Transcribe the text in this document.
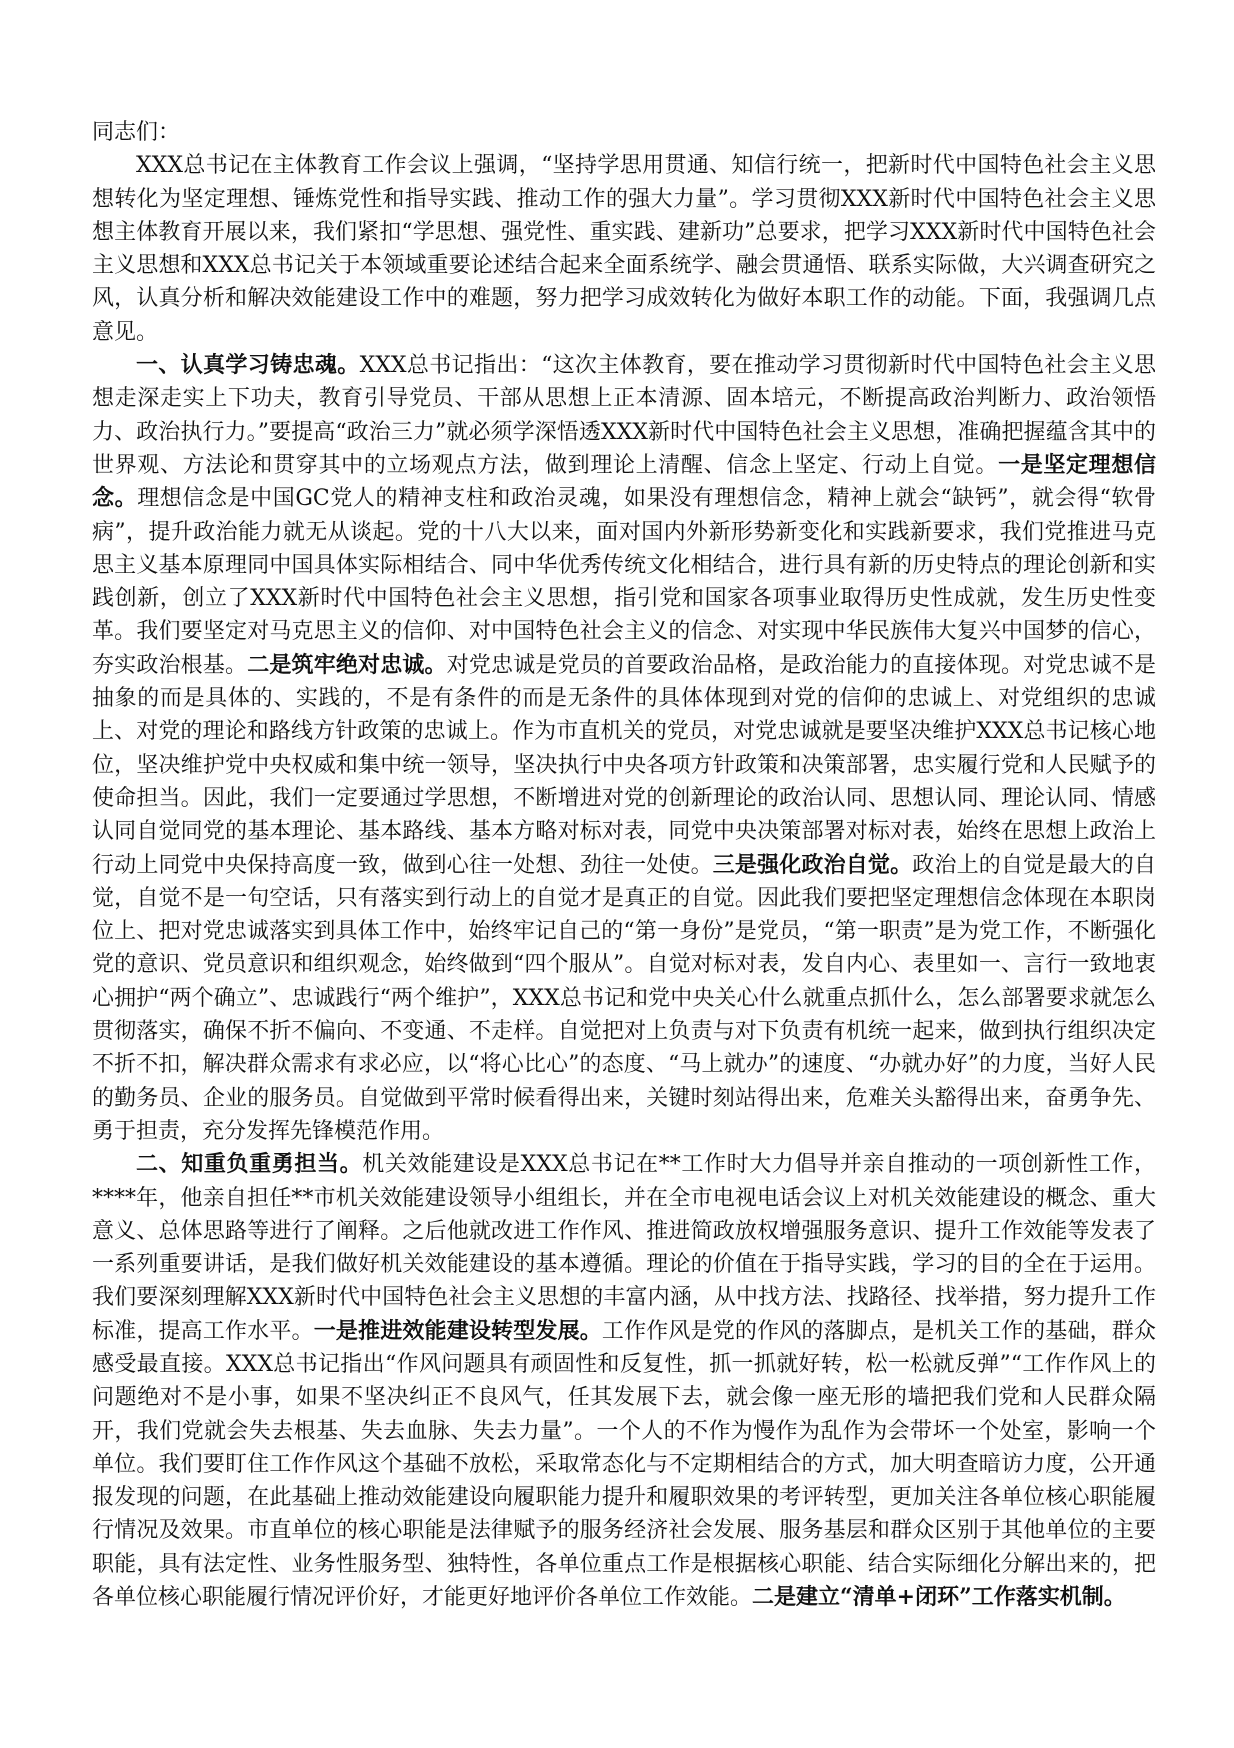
同志们：

XXX总书记在主体教育工作会议上强调，“坚持学思用贯通、知信行统一，把新时代中国特色社会主义思想转化为坚定理想、锤炼党性和指导实践、推动工作的强大力量”。学习贯彻XXX新时代中国特色社会主义思想主体教育开展以来，我们紧扣“学思想、强党性、重实践、建新功”总要求，把学习XXX新时代中国特色社会主义思想和XXX总书记关于本领域重要论述结合起来全面系统学、融会贯通悟、联系实际做，大兴调查研究之风，认真分析和解决效能建设工作中的难题，努力把学习成效转化为做好本职工作的动能。下面，我强调几点意见。

一、认真学习铸忠魂。XXX总书记指出：“这次主体教育，要在推动学习贯彻新时代中国特色社会主义思想走深走实上下功夫，教育引导党员、干部从思想上正本清源、固本培元，不断提高政治判断力、政治领悟力、政治执行力。”要提高“政治三力”就必须学深悟透XXX新时代中国特色社会主义思想，准确把握蕴含其中的世界观、方法论和贯穿其中的立场观点方法，做到理论上清醒、信念上坚定、行动上自觉。一是坚定理想信念。理想信念是中国GC党人的精神支柱和政治灵魂，如果没有理想信念，精神上就会“缺钙”，就会得“软骨病”，提升政治能力就无从谈起。党的十八大以来，面对国内外新形势新变化和实践新要求，我们党推进马克思主义基本原理同中国具体实际相结合、同中华优秀传统文化相结合，进行具有新的历史特点的理论创新和实践创新，创立了XXX新时代中国特色社会主义思想，指引党和国家各项事业取得历史性成就，发生历史性变革。我们要坚定对马克思主义的信仰、对中国特色社会主义的信念、对实现中华民族伟大复兴中国梦的信心，夯实政治根基。二是筑牢绝对忠诚。对党忠诚是党员的首要政治品格，是政治能力的直接体现。对党忠诚不是抽象的而是具体的、实践的，不是有条件的而是无条件的具体体现到对党的信仰的忠诚上、对党组织的忠诚上、对党的理论和路线方针政策的忠诚上。作为市直机关的党员，对党忠诚就是要坚决维护XXX总书记核心地位，坚决维护党中央权威和集中统一领导，坚决执行中央各项方针政策和决策部署，忠实履行党和人民赋予的使命担当。因此，我们一定要通过学思想，不断增进对党的创新理论的政治认同、思想认同、理论认同、情感认同自觉同党的基本理论、基本路线、基本方略对标对表，同党中央决策部署对标对表，始终在思想上政治上行动上同党中央保持高度一致，做到心往一处想、劲往一处使。三是强化政治自觉。政治上的自觉是最大的自觉，自觉不是一句空话，只有落实到行动上的自觉才是真正的自觉。因此我们要把坚定理想信念体现在本职岗位上、把对党忠诚落实到具体工作中，始终牢记自己的“第一身份”是党员，“第一职责”是为党工作，不断强化党的意识、党员意识和组织观念，始终做到“四个服从”。自觉对标对表，发自内心、表里如一、言行一致地衷心拥护“两个确立”、忠诚践行“两个维护”，XXX总书记和党中央关心什么就重点抓什么，怎么部署要求就怎么贯彻落实，确保不折不偏向、不变通、不走样。自觉把对上负责与对下负责有机统一起来，做到执行组织决定不折不扣，解决群众需求有求必应，以“将心比心”的态度、“马上就办”的速度、“办就办好”的力度，当好人民的勤务员、企业的服务员。自觉做到平常时候看得出来，关键时刻站得出来，危难关头豁得出来，奋勇争先、勇于担责，充分发挥先锋模范作用。

二、知重负重勇担当。机关效能建设是XXX总书记在**工作时大力倡导并亲自推动的一项创新性工作，****年，他亲自担任**市机关效能建设领导小组组长，并在全市电视电话会议上对机关效能建设的概念、重大意义、总体思路等进行了阐释。之后他就改进工作作风、推进简政放权增强服务意识、提升工作效能等发表了一系列重要讲话，是我们做好机关效能建设的基本遵循。理论的价值在于指导实践，学习的目的全在于运用。我们要深刻理解XXX新时代中国特色社会主义思想的丰富内涵，从中找方法、找路径、找举措，努力提升工作标准，提高工作水平。一是推进效能建设转型发展。工作作风是党的作风的落脚点，是机关工作的基础，群众感受最直接。XXX总书记指出“作风问题具有顽固性和反复性，抓一抓就好转，松一松就反弹”“工作作风上的问题绝对不是小事，如果不坚决纠正不良风气，任其发展下去，就会像一座无形的墙把我们党和人民群众隔开，我们党就会失去根基、失去血脉、失去力量”。一个人的不作为慢作为乱作为会带坏一个处室，影响一个单位。我们要盯住工作作风这个基础不放松，采取常态化与不定期相结合的方式，加大明查暗访力度，公开通报发现的问题，在此基础上推动效能建设向履职能力提升和履职效果的考评转型，更加关注各单位核心职能履行情况及效果。市直单位的核心职能是法律赋予的服务经济社会发展、服务基层和群众区别于其他单位的主要职能，具有法定性、业务性服务型、独特性，各单位重点工作是根据核心职能、结合实际细化分解出来的，把各单位核心职能履行情况评价好，才能更好地评价各单位工作效能。二是建立“清单+闭环”工作落实机制。
